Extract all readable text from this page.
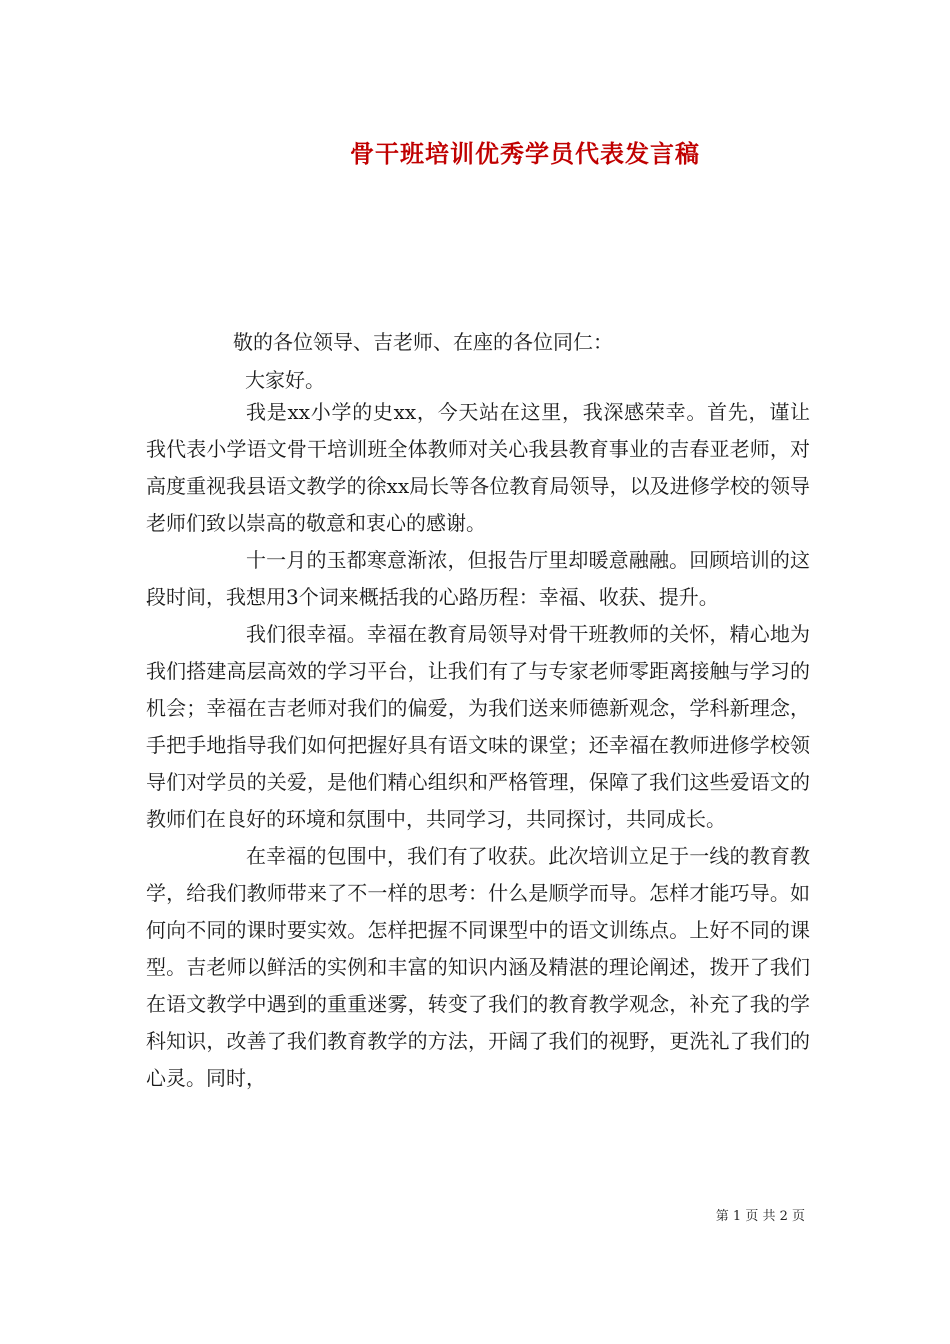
骨干班培训优秀学员代表发言稿
敬的各位领导、吉老师、在座的各位同仁：
大家好。

我是xx小学的史xx，今天站在这里，我深感荣幸。首先，谨让我代表小学语文骨干培训班全体教师对关心我县教育事业的吉春亚老师，对高度重视我县语文教学的徐xx局长等各位教育局领导，以及进修学校的领导老师们致以崇高的敬意和衷心的感谢。

十一月的玉都寒意渐浓，但报告厅里却暖意融融。回顾培训的这段时间，我想用3个词来概括我的心路历程：幸福、收获、提升。

我们很幸福。幸福在教育局领导对骨干班教师的关怀，精心地为我们搭建高层高效的学习平台，让我们有了与专家老师零距离接触与学习的机会；幸福在吉老师对我们的偏爱，为我们送来师德新观念，学科新理念，手把手地指导我们如何把握好具有语文味的课堂；还幸福在教师进修学校领导们对学员的关爱，是他们精心组织和严格管理，保障了我们这些爱语文的教师们在良好的环境和氛围中，共同学习，共同探讨，共同成长。

在幸福的包围中，我们有了收获。此次培训立足于一线的教育教学，给我们教师带来了不一样的思考：什么是顺学而导。怎样才能巧导。如何向不同的课时要实效。怎样把握不同课型中的语文训练点。上好不同的课型。吉老师以鲜活的实例和丰富的知识内涵及精湛的理论阐述，拨开了我们在语文教学中遇到的重重迷雾，转变了我们的教育教学观念，补充了我的学科知识，改善了我们教育教学的方法，开阔了我们的视野，更洗礼了我们的心灵。同时，

第 1 页 共 2 页
